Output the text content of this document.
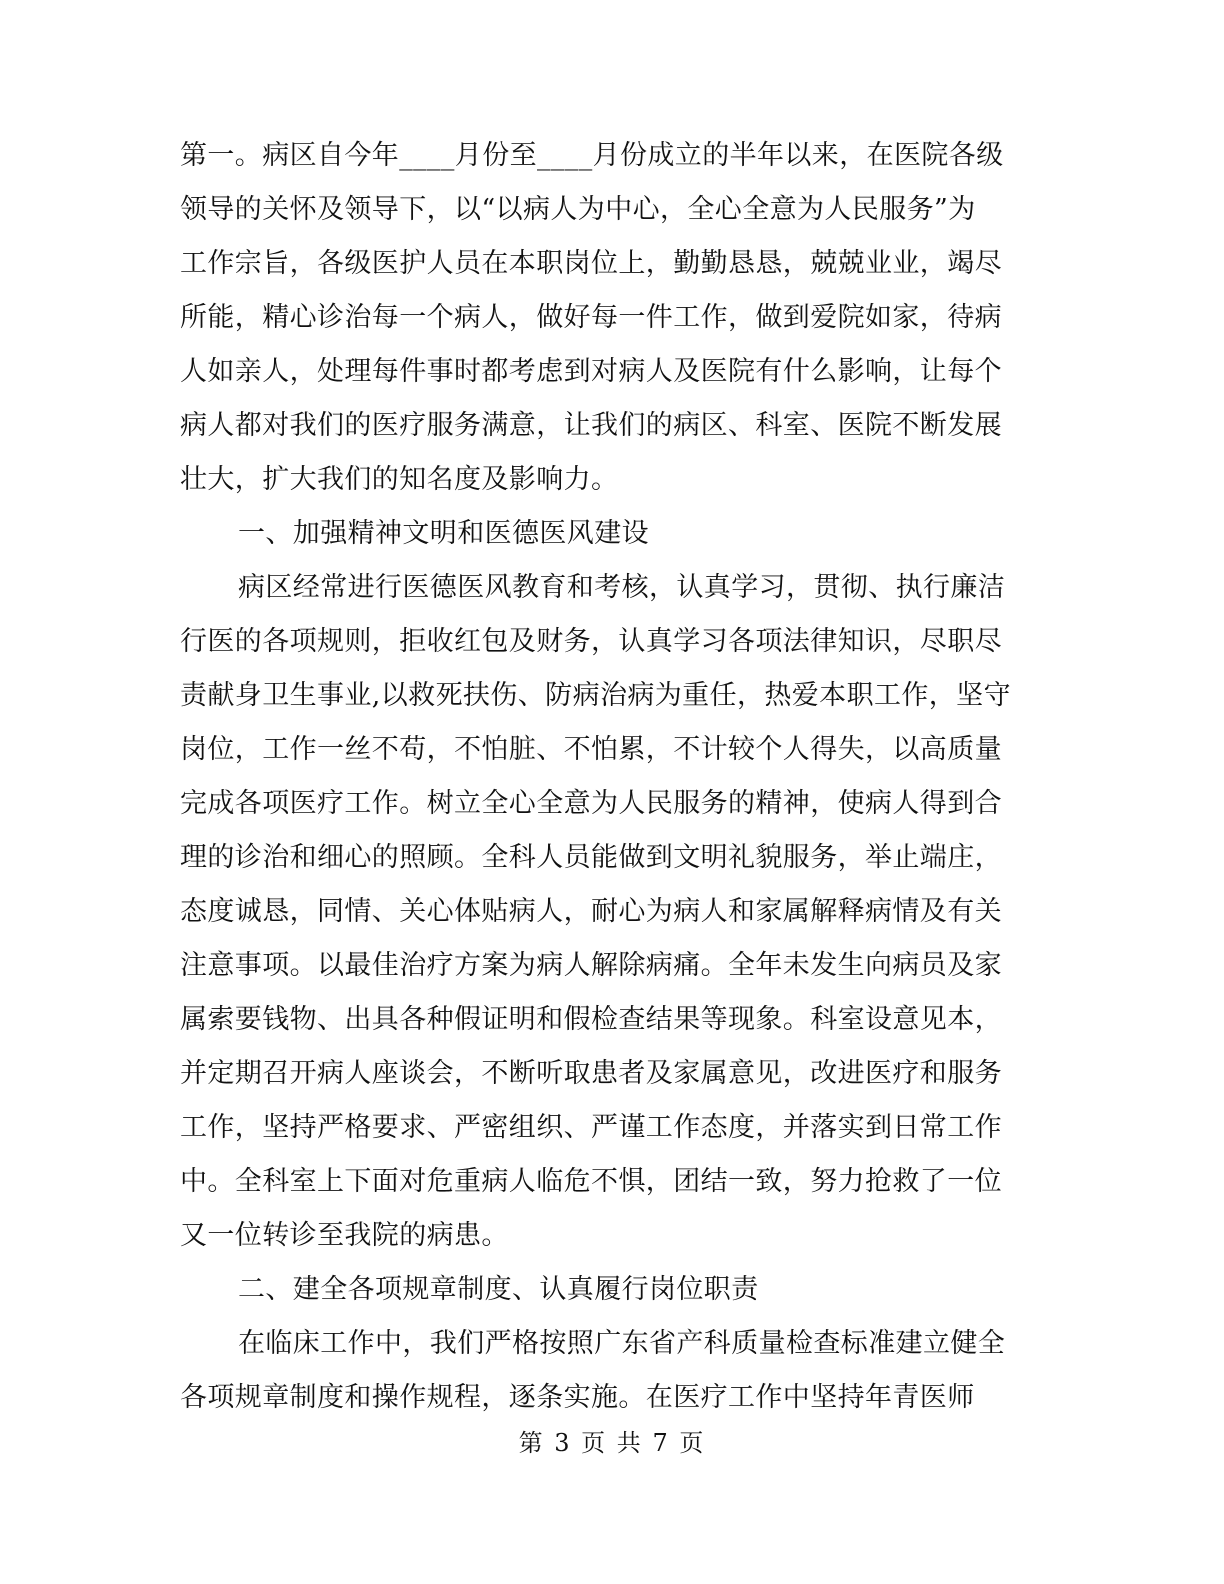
第一。病区自今年____月份至____月份成立的半年以来，在医院各级
领导的关怀及领导下，以“以病人为中心，全心全意为人民服务”为
工作宗旨，各级医护人员在本职岗位上，勤勤恳恳，兢兢业业，竭尽
所能，精心诊治每一个病人，做好每一件工作，做到爱院如家，待病
人如亲人，处理每件事时都考虑到对病人及医院有什么影响，让每个
病人都对我们的医疗服务满意，让我们的病区、科室、医院不断发展
壮大，扩大我们的知名度及影响力。
一、加强精神文明和医德医风建设
病区经常进行医德医风教育和考核，认真学习，贯彻、执行廉洁
行医的各项规则，拒收红包及财务，认真学习各项法律知识，尽职尽
责献身卫生事业,以救死扶伤、防病治病为重任，热爱本职工作，坚守
岗位，工作一丝不苟，不怕脏、不怕累，不计较个人得失，以高质量
完成各项医疗工作。树立全心全意为人民服务的精神，使病人得到合
理的诊治和细心的照顾。全科人员能做到文明礼貌服务，举止端庄，
态度诚恳，同情、关心体贴病人，耐心为病人和家属解释病情及有关
注意事项。以最佳治疗方案为病人解除病痛。全年未发生向病员及家
属索要钱物、出具各种假证明和假检查结果等现象。科室设意见本，
并定期召开病人座谈会，不断听取患者及家属意见，改进医疗和服务
工作，坚持严格要求、严密组织、严谨工作态度，并落实到日常工作
中。全科室上下面对危重病人临危不惧，团结一致，努力抢救了一位
又一位转诊至我院的病患。
二、建全各项规章制度、认真履行岗位职责
在临床工作中，我们严格按照广东省产科质量检查标准建立健全
各项规章制度和操作规程，逐条实施。在医疗工作中坚持年青医师
第 3 页 共 7 页
